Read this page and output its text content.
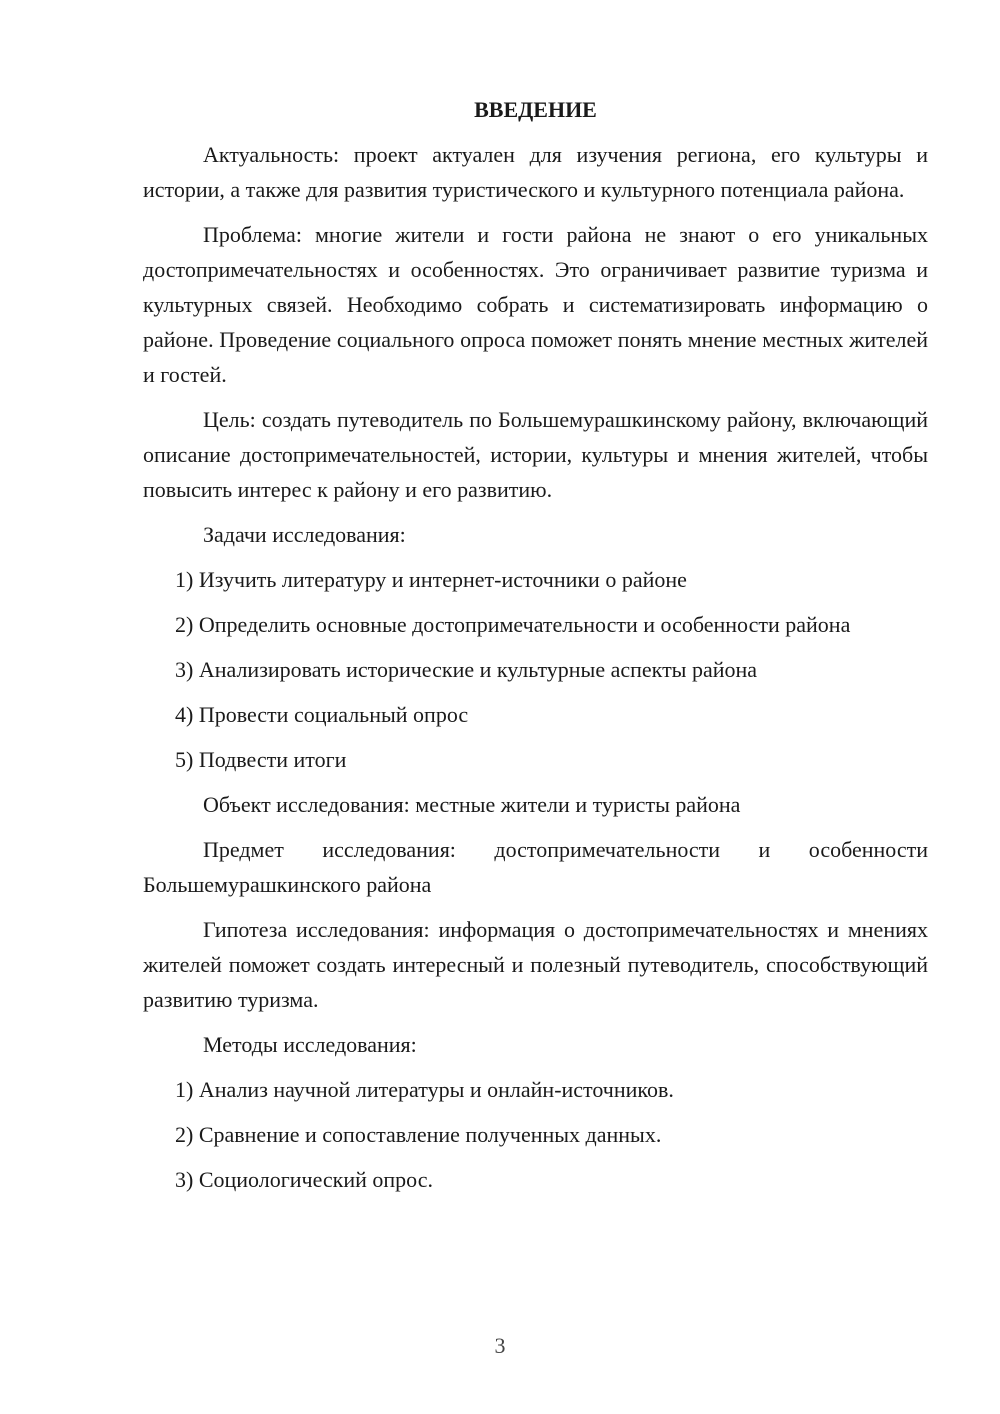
ВВЕДЕНИЕ

Актуальность: проект актуален для изучения региона, его культуры и истории, а также для развития туристического и культурного потенциала района.

Проблема: многие жители и гости района не знают о его уникальных достопримечательностях и особенностях. Это ограничивает развитие туризма и культурных связей. Необходимо собрать и систематизировать информацию о районе. Проведение социального опроса поможет понять мнение местных жителей и гостей.

Цель: создать путеводитель по Большемурашкинскому району, включающий описание достопримечательностей, истории, культуры и мнения жителей, чтобы повысить интерес к району и его развитию.

Задачи исследования:

1) Изучить литературу и интернет-источники о районе

2) Определить основные достопримечательности и особенности района

3) Анализировать исторические и культурные аспекты района

4) Провести социальный опрос

5) Подвести итоги

Объект исследования: местные жители и туристы района

Предмет исследования: достопримечательности и особенности Большемурашкинского района

Гипотеза исследования: информация о достопримечательностях и мнениях жителей поможет создать интересный и полезный путеводитель, способствующий развитию туризма.

Методы исследования:

1) Анализ научной литературы и онлайн-источников.

2) Сравнение и сопоставление полученных данных.

3) Социологический опрос.

3
